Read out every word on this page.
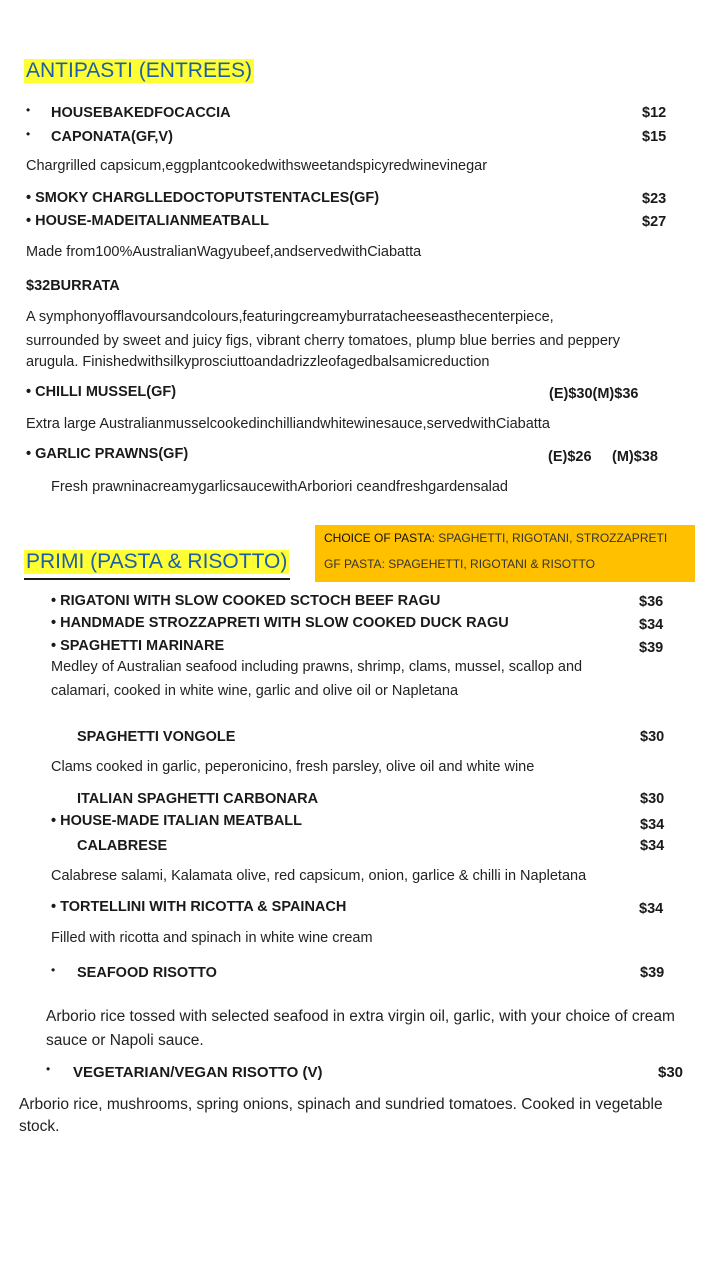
ANTIPASTI (ENTREES)
• HOUSEBAKEDFOCACCIA	$12
• CAPONATA(GF,V)	$15
Chargrilled capsicum,eggplantcookedwithsweetandspicyredwinevinegar
• SMOKY CHARGLLEDOCTOPUTSTENTACLES(GF)	$23
• HOUSE-MADEITALIANMEATBALL	$27
Made from100%AustralianWagyubeef,andservedwithCiabatta
$32BURRATA
A symphonyofflavoursandcolours,featuringcreamyburratacheeseasthecenterpiece,
surrounded by sweet and juicy figs, vibrant cherry tomatoes, plump blue berries and peppery
arugula. Finishedwithsilkyprosciuttoandadrizzleofagedbalsamicreduction
• CHILLI MUSSEL(GF)	(E)$30(M)$36
Extra large Australianmusselcookedinchilliandwhitewinesauce,servedwithCiabatta
• GARLIC PRAWNS(GF)	(E)$26 (M)$38
Fresh prawninacreamygarlicsaucewithArboriori ceandfreshgardensalad
CHOICE OF PASTA: SPAGHETTI, RIGOTANI, STROZZAPRETI
GF PASTA: SPAGEHETTI, RIGOTANI & RISOTTO
PRIMI (PASTA & RISOTTO)
• RIGATONI WITH SLOW COOKED SCTOCH BEEF RAGU	$36
• HANDMADE STROZZAPRETI WITH SLOW COOKED DUCK RAGU	$34
• SPAGHETTI MARINARE	$39
Medley of Australian seafood including prawns, shrimp, clams, mussel, scallop and
calamari, cooked in white wine, garlic and olive oil or Napletana
SPAGHETTI VONGOLE	$30
Clams cooked in garlic, peperonicino, fresh parsley, olive oil and white wine
ITALIAN SPAGHETTI CARBONARA	$30
• HOUSE-MADE ITALIAN MEATBALL	$34
CALABRESE	$34
Calabrese salami, Kalamata olive, red capsicum, onion, garlice & chilli in Napletana
• TORTELLINI WITH RICOTTA & SPAINACH	$34
Filled with ricotta and spinach in white wine cream
• SEAFOOD RISOTTO	$39
Arborio rice tossed with selected seafood in extra virgin oil, garlic, with your choice of cream sauce or Napoli sauce.
• VEGETARIAN/VEGAN RISOTTO (V)	$30
Arborio rice, mushrooms, spring onions, spinach and sundried tomatoes. Cooked in vegetable stock.
